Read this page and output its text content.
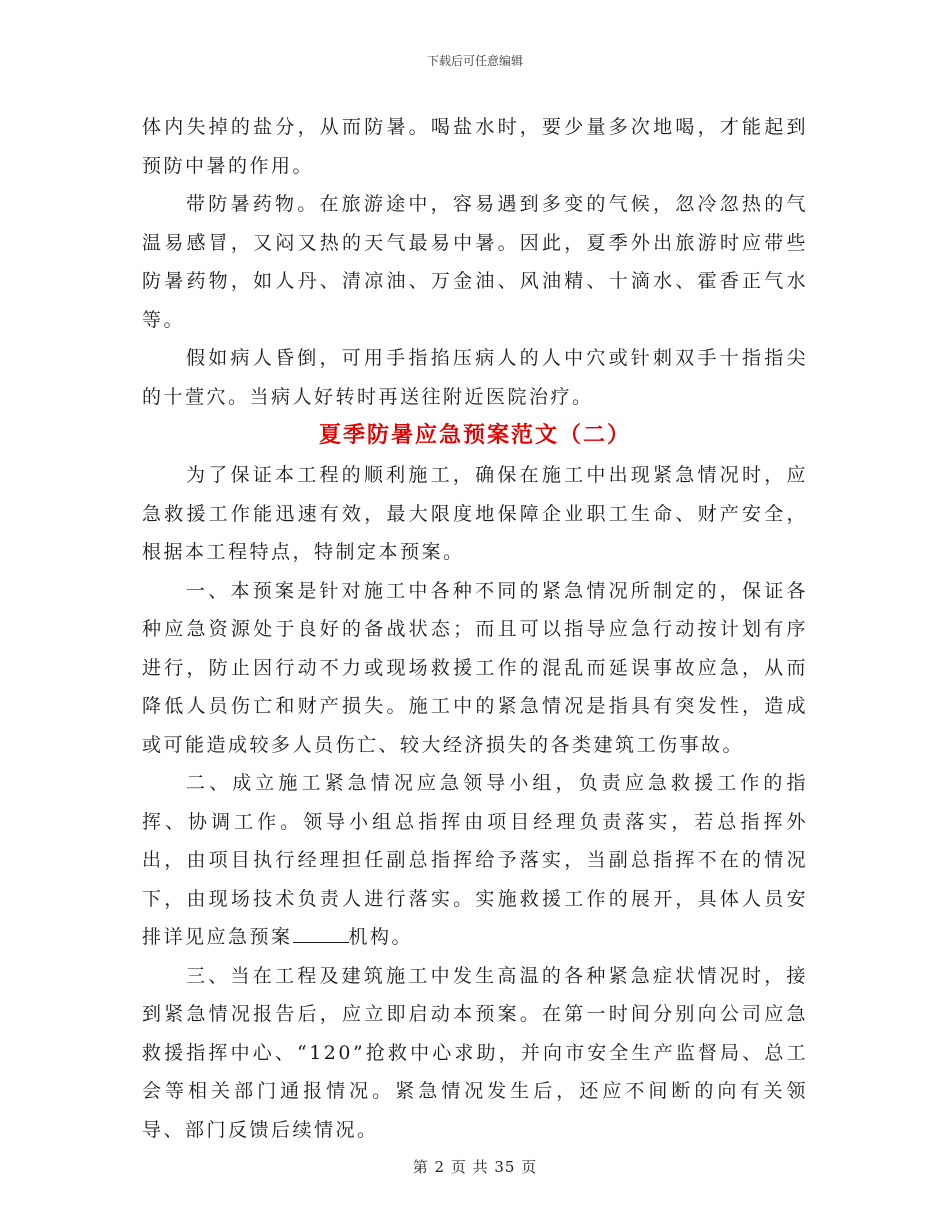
下载后可任意编辑

体内失掉的盐分，从而防暑。喝盐水时，要少量多次地喝，才能起到预防中暑的作用。

带防暑药物。在旅游途中，容易遇到多变的气候，忽冷忽热的气温易感冒，又闷又热的天气最易中暑。因此，夏季外出旅游时应带些防暑药物，如人丹、清凉油、万金油、风油精、十滴水、霍香正气水等。

假如病人昏倒，可用手指掐压病人的人中穴或针刺双手十指指尖的十萱穴。当病人好转时再送往附近医院治疗。

夏季防暑应急预案范文（二）

为了保证本工程的顺利施工，确保在施工中出现紧急情况时，应急救援工作能迅速有效，最大限度地保障企业职工生命、财产安全，根据本工程特点，特制定本预案。

一、本预案是针对施工中各种不同的紧急情况所制定的，保证各种应急资源处于良好的备战状态；而且可以指导应急行动按计划有序进行，防止因行动不力或现场救援工作的混乱而延误事故应急，从而降低人员伤亡和财产损失。施工中的紧急情况是指具有突发性，造成或可能造成较多人员伤亡、较大经济损失的各类建筑工伤事故。

二、成立施工紧急情况应急领导小组，负责应急救援工作的指挥、协调工作。领导小组总指挥由项目经理负责落实，若总指挥外出，由项目执行经理担任副总指挥给予落实，当副总指挥不在的情况下，由现场技术负责人进行落实。实施救援工作的展开，具体人员安排详见应急预案	机构。

三、当在工程及建筑施工中发生高温的各种紧急症状情况时，接到紧急情况报告后，应立即启动本预案。在第一时间分别向公司应急救援指挥中心、“120”抢救中心求助，并向市安全生产监督局、总工会等相关部门通报情况。紧急情况发生后，还应不间断的向有关领导、部门反馈后续情况。

第 2 页 共 35 页
